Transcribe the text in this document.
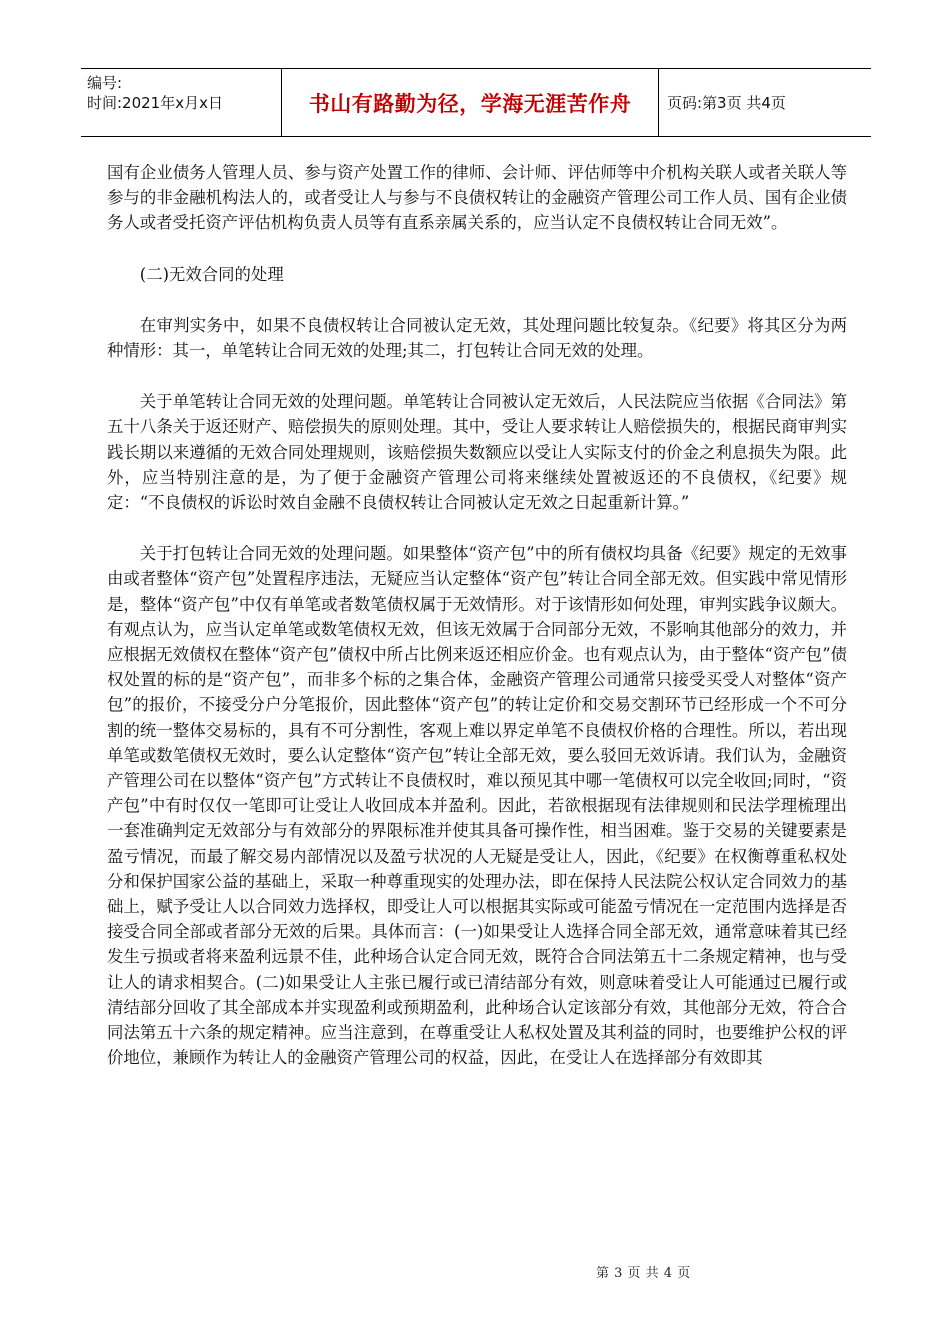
编号:
时间:2021年x月x日	书山有路勤为径，学海无涯苦作舟	页码:第3页 共4页

国有企业债务人管理人员、参与资产处置工作的律师、会计师、评估师等中介机构关联人或者关联人等参与的非金融机构法人的，或者受让人与参与不良债权转让的金融资产管理公司工作人员、国有企业债务人或者受托资产评估机构负责人员等有直系亲属关系的，应当认定不良债权转让合同无效”。

(二)无效合同的处理

在审判实务中，如果不良债权转让合同被认定无效，其处理问题比较复杂。《纪要》将其区分为两种情形：其一，单笔转让合同无效的处理;其二，打包转让合同无效的处理。

关于单笔转让合同无效的处理问题。单笔转让合同被认定无效后，人民法院应当依据《合同法》第五十八条关于返还财产、赔偿损失的原则处理。其中，受让人要求转让人赔偿损失的，根据民商审判实践长期以来遵循的无效合同处理规则，该赔偿损失数额应以受让人实际支付的价金之利息损失为限。此外，应当特别注意的是，为了便于金融资产管理公司将来继续处置被返还的不良债权，《纪要》规定：“不良债权的诉讼时效自金融不良债权转让合同被认定无效之日起重新计算。”

关于打包转让合同无效的处理问题。如果整体“资产包”中的所有债权均具备《纪要》规定的无效事由或者整体“资产包”处置程序违法，无疑应当认定整体“资产包”转让合同全部无效。但实践中常见情形是，整体“资产包”中仅有单笔或者数笔债权属于无效情形。对于该情形如何处理，审判实践争议颇大。有观点认为，应当认定单笔或数笔债权无效，但该无效属于合同部分无效，不影响其他部分的效力，并应根据无效债权在整体“资产包”债权中所占比例来返还相应价金。也有观点认为，由于整体“资产包”债权处置的标的是“资产包”，而非多个标的之集合体，金融资产管理公司通常只接受买受人对整体“资产包”的报价，不接受分户分笔报价，因此整体“资产包”的转让定价和交易交割环节已经形成一个不可分割的统一整体交易标的，具有不可分割性，客观上难以界定单笔不良债权价格的合理性。所以，若出现单笔或数笔债权无效时，要么认定整体“资产包”转让全部无效，要么驳回无效诉请。我们认为，金融资产管理公司在以整体“资产包”方式转让不良债权时，难以预见其中哪一笔债权可以完全收回;同时，“资产包”中有时仅仅一笔即可让受让人收回成本并盈利。因此，若欲根据现有法律规则和民法学理梳理出一套准确判定无效部分与有效部分的界限标准并使其具备可操作性，相当困难。鉴于交易的关键要素是盈亏情况，而最了解交易内部情况以及盈亏状况的人无疑是受让人，因此，《纪要》在权衡尊重私权处分和保护国家公益的基础上，采取一种尊重现实的处理办法，即在保持人民法院公权认定合同效力的基础上，赋予受让人以合同效力选择权，即受让人可以根据其实际或可能盈亏情况在一定范围内选择是否接受合同全部或者部分无效的后果。具体而言：(一)如果受让人选择合同全部无效，通常意味着其已经发生亏损或者将来盈利远景不佳，此种场合认定合同无效，既符合合同法第五十二条规定精神，也与受让人的请求相契合。(二)如果受让人主张已履行或已清结部分有效，则意味着受让人可能通过已履行或清结部分回收了其全部成本并实现盈利或预期盈利，此种场合认定该部分有效，其他部分无效，符合合同法第五十六条的规定精神。应当注意到，在尊重受让人私权处置及其利益的同时，也要维护公权的评价地位，兼顾作为转让人的金融资产管理公司的权益，因此，在受让人在选择部分有效即其

第 3 页 共 4 页
